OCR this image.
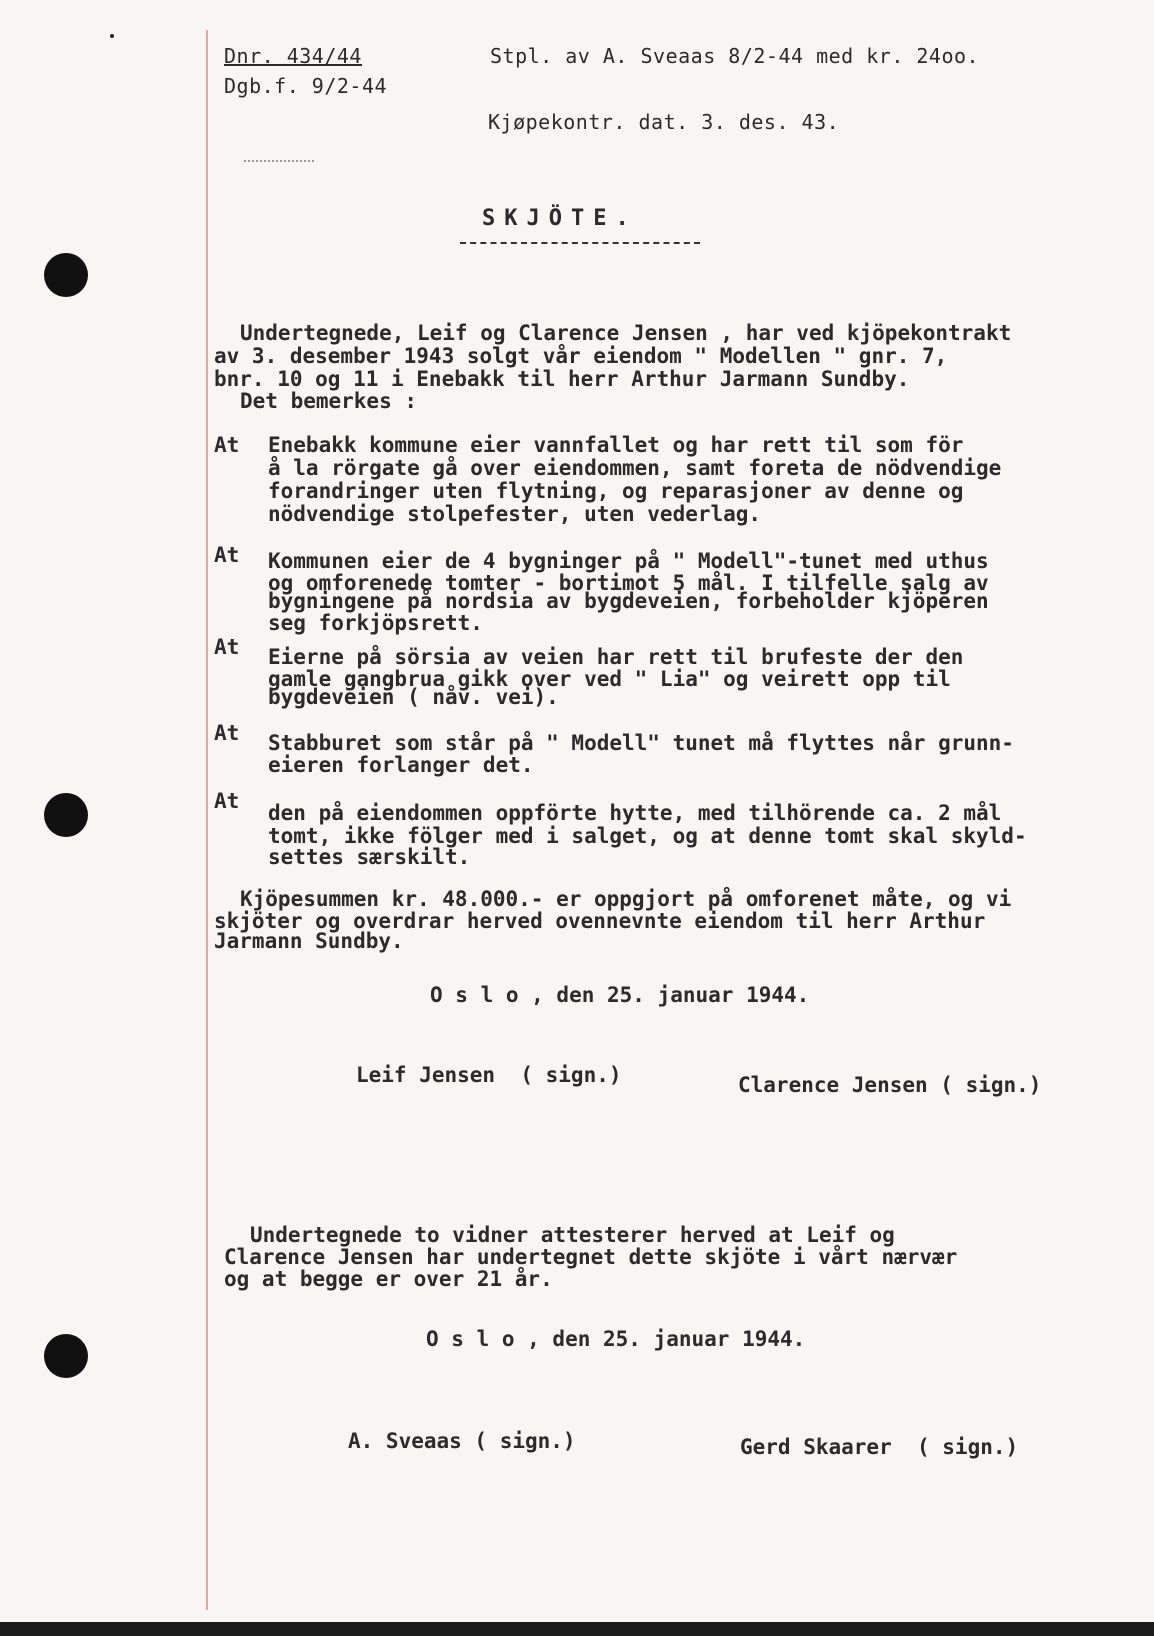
Dnr. 434/44
Dgb.f. 9/2-44
Stpl. av A. Sveaas 8/2-44 med kr. 24oo.
Kjøpekontr. dat. 3. des. 43.
SKJÖTE.
Undertegnede, Leif og Clarence Jensen , har ved kjöpekontrakt
av 3. desember 1943 solgt vår eiendom " Modellen " gnr. 7,
bnr. 10 og 11 i Enebakk til herr Arthur Jarmann Sundby.
Det bemerkes :
At Enebakk kommune eier vannfallet og har rett til som för
å la rörgate gå over eiendommen, samt foreta de nödvendige
forandringer uten flytning, og reparasjoner av denne og
nödvendige stolpefester, uten vederlag.
At Kommunen eier de 4 bygninger på " Modell"-tunet med uthus
og omforenede tomter - bortimot 5 mål. I tilfelle salg av
bygningene på nordsia av bygdeveien, forbeholder kjöperen
seg forkjöpsrett.
At Eierne på sörsia av veien har rett til brufeste der den
gamle gangbrua gikk over ved " Lia" og veirett opp til
bygdeveien ( nåv. vei).
At Stabburet som står på " Modell" tunet må flyttes når grunn-
eieren forlanger det.
At den på eiendommen oppförte hytte, med tilhörende ca. 2 mål
tomt, ikke fölger med i salget, og at denne tomt skal skyld-
settes særskilt.
Kjöpesummen kr. 48.000.- er oppgjort på omforenet måte, og vi
skjöter og overdrar herved ovennevnte eiendom til herr Arthur
Jarmann Sundby.
O s l o , den 25. januar 1944.
Leif Jensen  ( sign.)	Clarence Jensen ( sign.)
Undertegnede to vidner attesterer herved at Leif og
Clarence Jensen har undertegnet dette skjöte i vårt nærvær
og at begge er over 21 år.
O s l o , den 25. januar 1944.
A. Sveaas ( sign.)	Gerd Skaarer  ( sign.)
